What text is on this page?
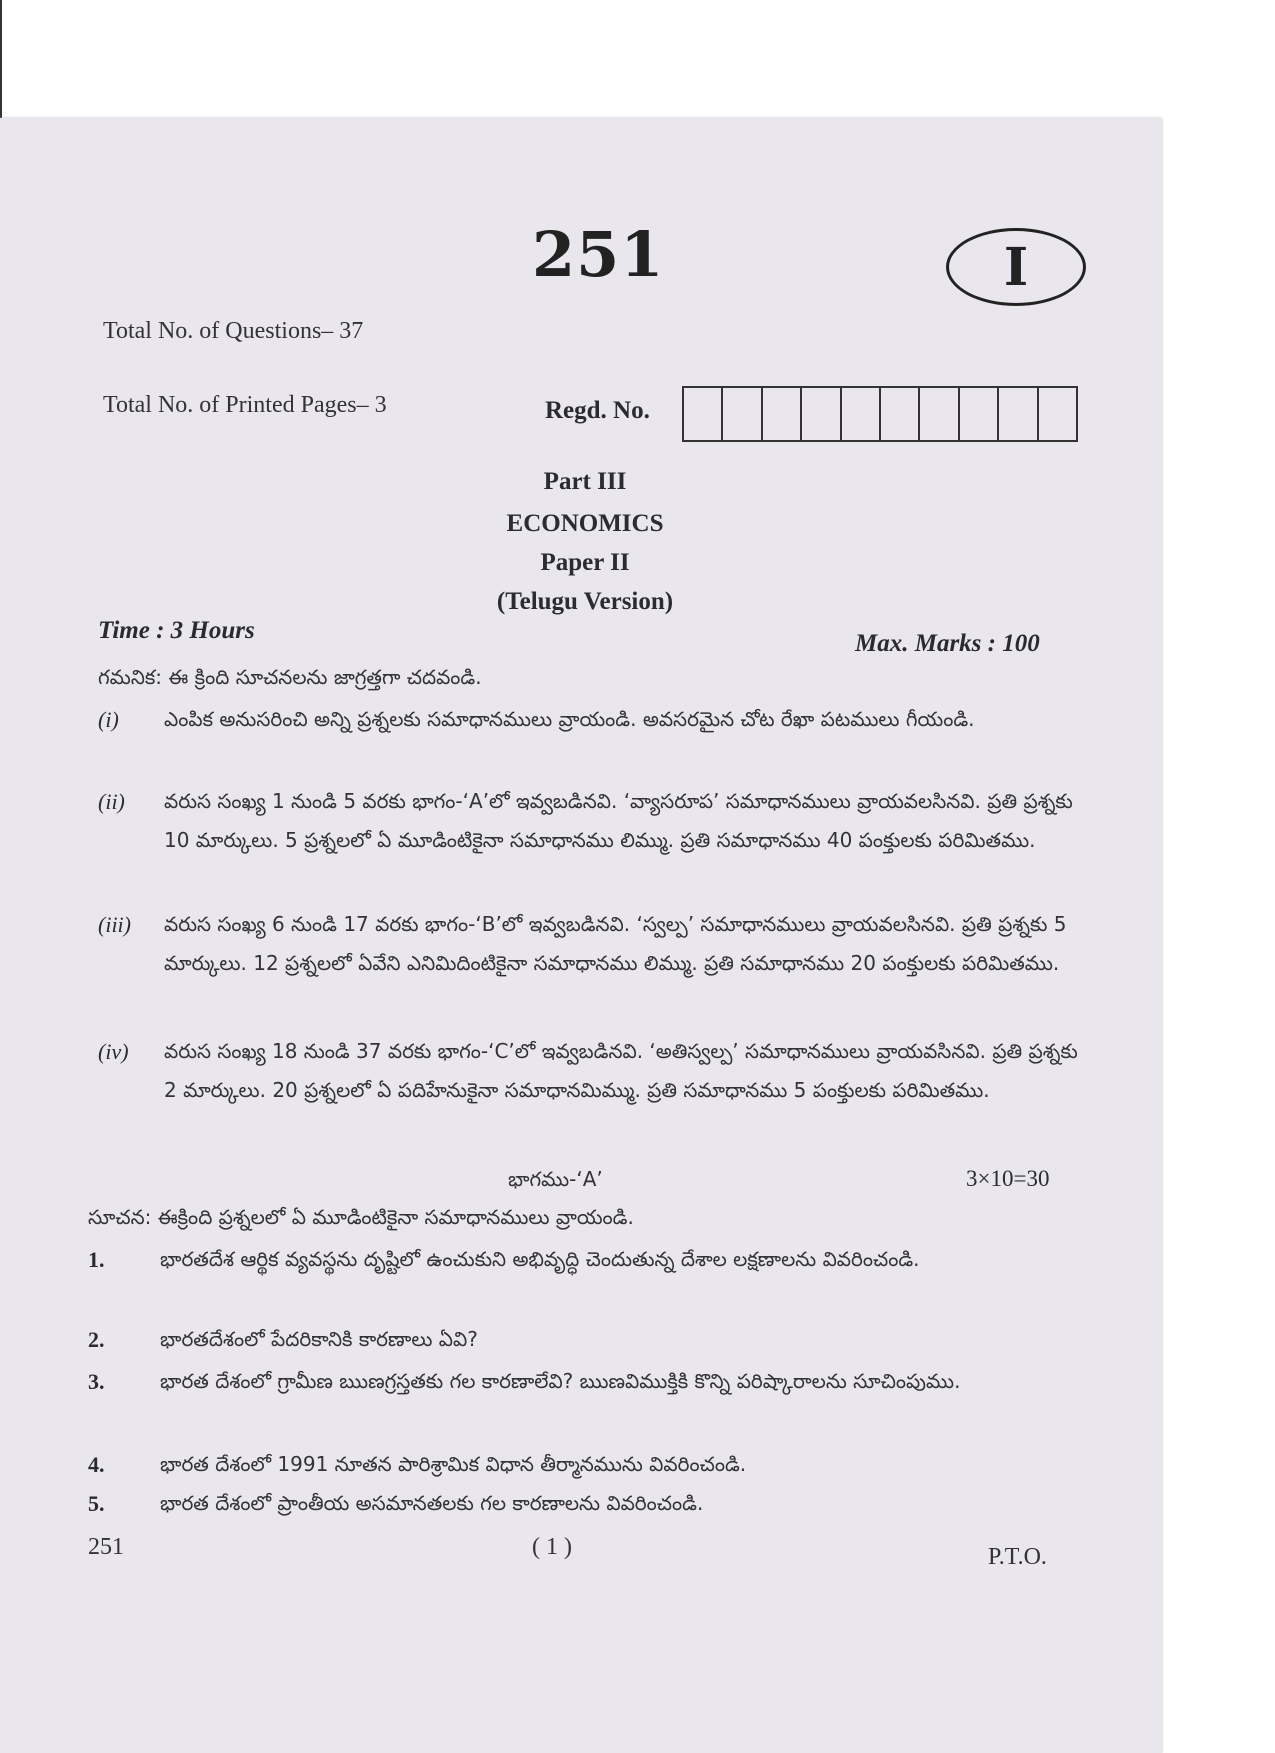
251	I
Total No. of Questions– 37
Total No. of Printed Pages– 3	Regd. No.
Part III
ECONOMICS
Paper II
(Telugu Version)
Time : 3 Hours	Max. Marks : 100
గమనిక: ఈ క్రింది సూచనలను జాగ్రత్తగా చదవండి.
(i) ఎంపిక అనుసరించి అన్ని ప్రశ్నలకు సమాధానములు వ్రాయండి. అవసరమైన చోట రేఖా పటములు గీయండి.
(ii) వరుస సంఖ్య 1 నుండి 5 వరకు భాగం-‘A’లో ఇవ్వబడినవి. ‘వ్యాసరూప’ సమాధానములు వ్రాయవలసినవి. ప్రతి ప్రశ్నకు 10 మార్కులు. 5 ప్రశ్నలలో ఏ మూడింటికైనా సమాధానము లిమ్ము. ప్రతి సమాధానము 40 పంక్తులకు పరిమితము.
(iii) వరుస సంఖ్య 6 నుండి 17 వరకు భాగం-‘B’లో ఇవ్వబడినవి. ‘స్వల్ప’ సమాధానములు వ్రాయవలసినవి. ప్రతి ప్రశ్నకు 5 మార్కులు. 12 ప్రశ్నలలో ఏవేని ఎనిమిదింటికైనా సమాధానము లిమ్ము. ప్రతి సమాధానము 20 పంక్తులకు పరిమితము.
(iv) వరుస సంఖ్య 18 నుండి 37 వరకు భాగం-‘C’లో ఇవ్వబడినవి. ‘అతిస్వల్ప’ సమాధానములు వ్రాయవసినవి. ప్రతి ప్రశ్నకు 2 మార్కులు. 20 ప్రశ్నలలో ఏ పదిహేనుకైనా సమాధానమిమ్ము. ప్రతి సమాధానము 5 పంక్తులకు పరిమితము.
భాగము-‘A’	3×10=30
సూచన: ఈక్రింది ప్రశ్నలలో ఏ మూడింటికైనా సమాధానములు వ్రాయండి.
1.	భారతదేశ ఆర్థిక వ్యవస్థను దృష్టిలో ఉంచుకుని అభివృద్ధి చెందుతున్న దేశాల లక్షణాలను వివరించండి.
2.	భారతదేశంలో పేదరికానికి కారణాలు ఏవి?
3.	భారత దేశంలో గ్రామీణ ఋణగ్రస్తతకు గల కారణాలేవి? ఋణవిముక్తికి కొన్ని పరిష్కారాలను సూచింపుము.
4.	భారత దేశంలో 1991 నూతన పారిశ్రామిక విధాన తీర్మానమును వివరించండి.
5.	భారత దేశంలో ప్రాంతీయ అసమానతలకు గల కారణాలను వివరించండి.
251	( 1 )	P.T.O.
